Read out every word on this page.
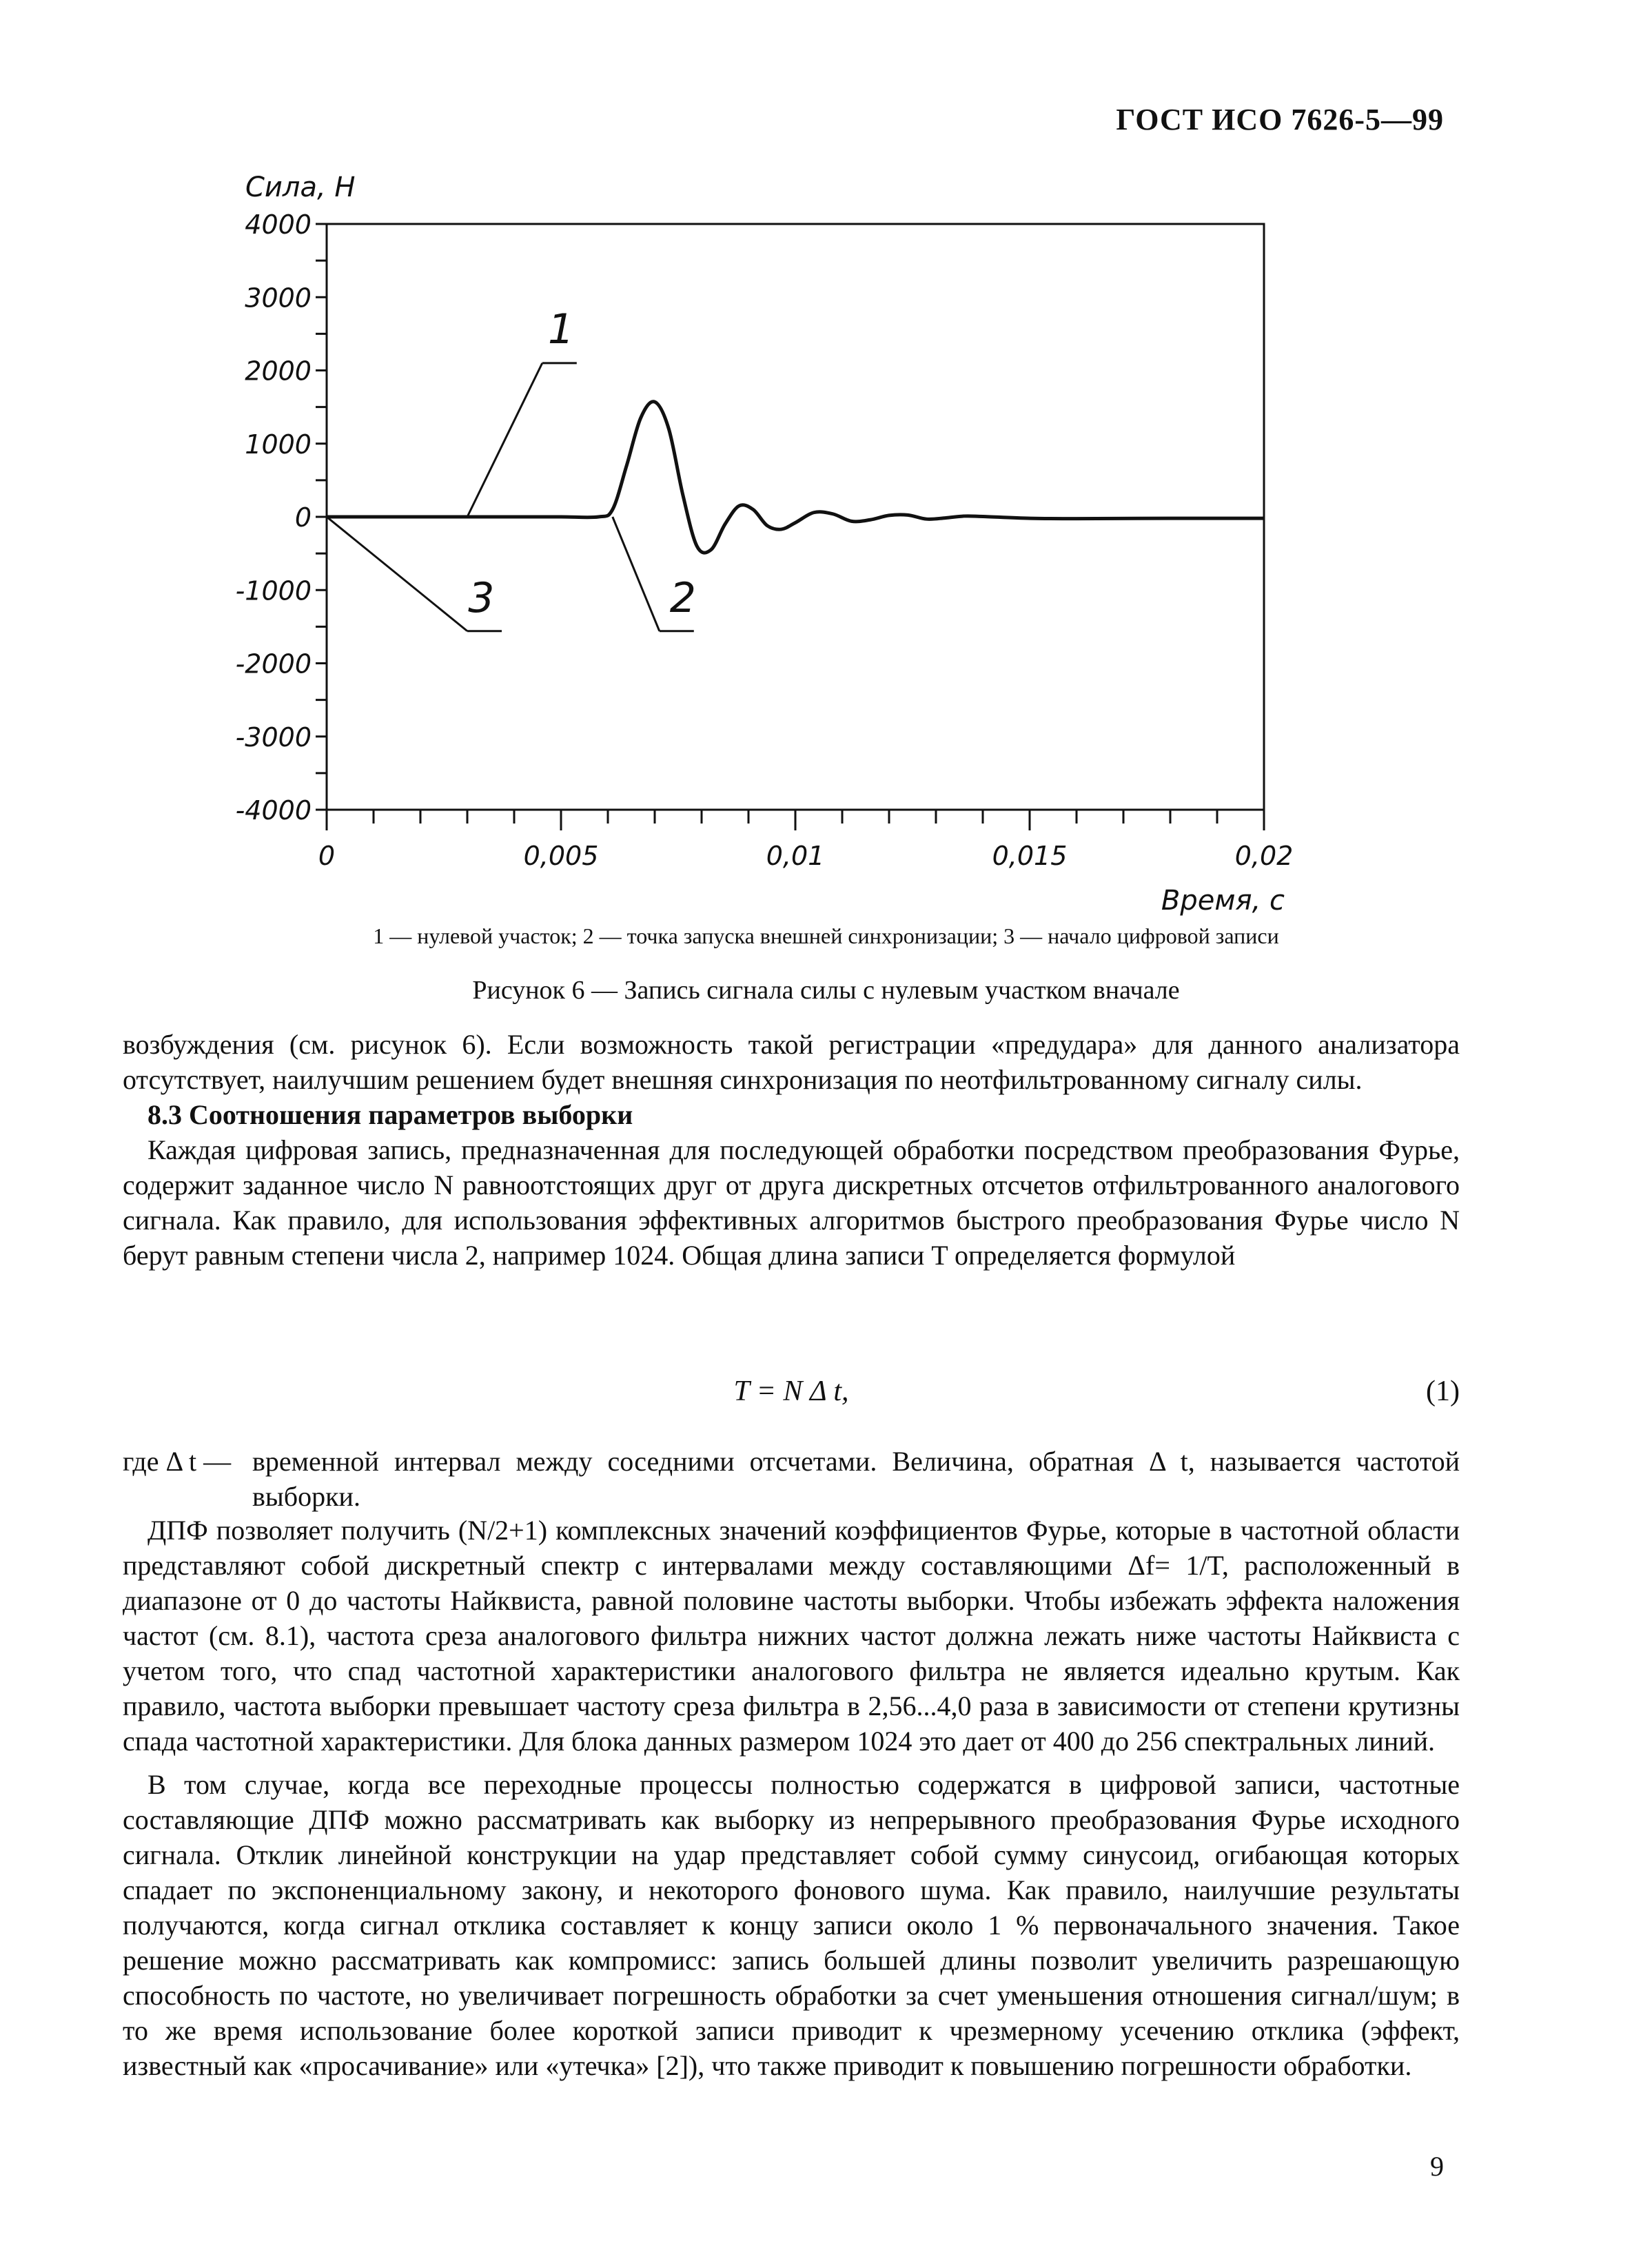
ГОСТ ИСО 7626-5—99
1
2
3
4000
3000
2000
1000
0
-1000
-2000
-3000
-4000
0	0,005	0,01	0,015	0,02
Сила, Н
Время, с
1 — нулевой участок; 2 — точка запуска внешней синхронизации; 3 — начало цифровой записи
Рисунок 6 — Запись сигнала силы с нулевым участком вначале

возбуждения (см. рисунок 6). Если возможность такой регистрации «предудара» для данного анализатора отсутствует, наилучшим решением будет внешняя синхронизация по неотфильтрованному сигналу силы.

8.3 Соотношения параметров выборки

Каждая цифровая запись, предназначенная для последующей обработки посредством преобразования Фурье, содержит заданное число N равноотстоящих друг от друга дискретных отсчетов отфильтрованного аналогового сигнала. Как правило, для использования эффективных алгоритмов быстрого преобразования Фурье число N берут равным степени числа 2, например 1024. Общая длина записи T определяется формулой

T = N Δ t,	(1)
где Δ t — временной интервал между соседними отсчетами. Величина, обратная Δ t, называется частотой выборки.

ДПФ позволяет получить (N/2+1) комплексных значений коэффициентов Фурье, которые в частотной области представляют собой дискретный спектр с интервалами между составляющими Δf= 1/T, расположенный в диапазоне от 0 до частоты Найквиста, равной половине частоты выборки. Чтобы избежать эффекта наложения частот (см. 8.1), частота среза аналогового фильтра нижних частот должна лежать ниже частоты Найквиста с учетом того, что спад частотной характеристики аналогового фильтра не является идеально крутым. Как правило, частота выборки превышает частоту среза фильтра в 2,56...4,0 раза в зависимости от степени крутизны спада частотной характеристики. Для блока данных размером 1024 это дает от 400 до 256 спектральных линий.

В том случае, когда все переходные процессы полностью содержатся в цифровой записи, частотные составляющие ДПФ можно рассматривать как выборку из непрерывного преобразования Фурье исходного сигнала. Отклик линейной конструкции на удар представляет собой сумму синусоид, огибающая которых спадает по экспоненциальному закону, и некоторого фонового шума. Как правило, наилучшие результаты получаются, когда сигнал отклика составляет к концу записи около 1 % первоначального значения. Такое решение можно рассматривать как компромисс: запись большей длины позволит увеличить разрешающую способность по частоте, но увеличивает погрешность обработки за счет уменьшения отношения сигнал/шум; в то же время использование более короткой записи приводит к чрезмерному усечению отклика (эффект, известный как «просачивание» или «утечка» [2]), что также приводит к повышению погрешности обработки.

9
